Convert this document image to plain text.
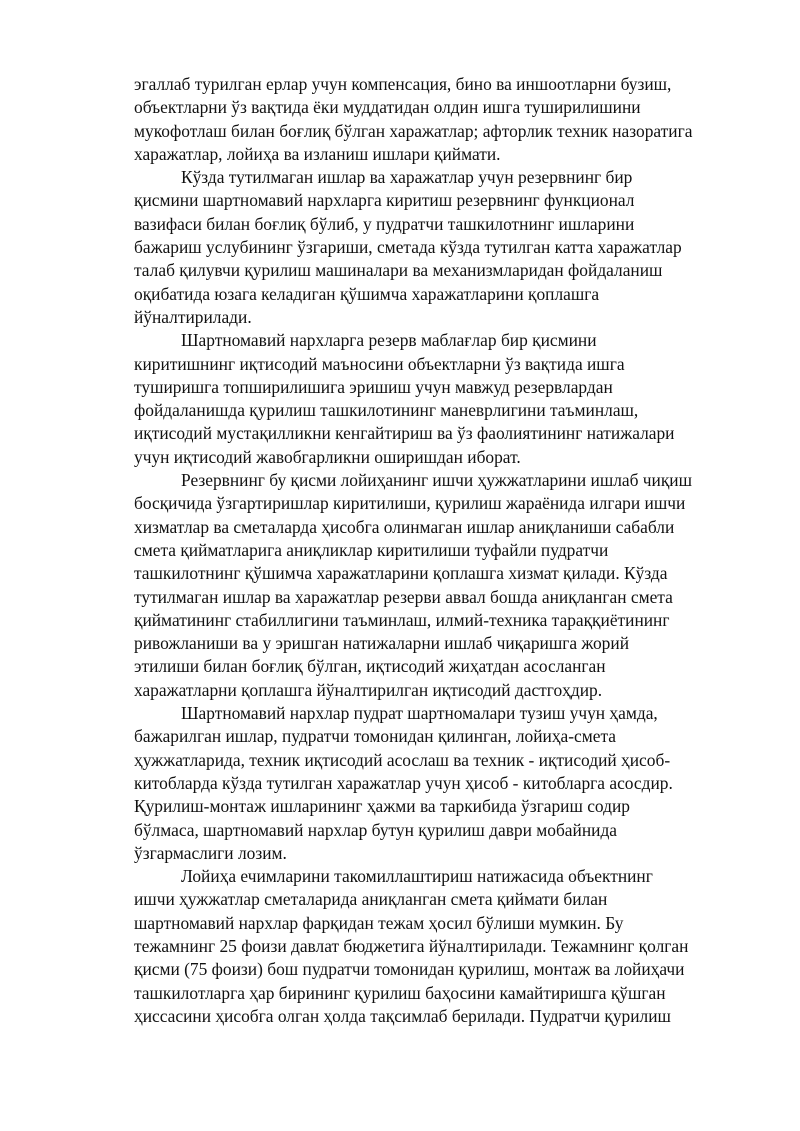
эгаллаб турилган ерлар учун компенсация, бино ва иншоотларни бузиш,
объектларни ўз вақтида ёки муддатидан олдин ишга туширилишини
мукофотлаш билан боғлиқ бўлган харажатлар; афторлик техник назоратига
харажатлар, лойиҳа ва изланиш ишлари қиймати.

Кўзда тутилмаган ишлар ва харажатлар учун резервнинг бир
қисмини шартномавий нархларга киритиш резервнинг функционал
вазифаси билан боғлиқ бўлиб, у пудратчи ташкилотнинг ишларини
бажариш услубининг ўзгариши, сметада кўзда тутилган катта харажатлар
талаб қилувчи қурилиш машиналари ва механизмларидан фойдаланиш
оқибатида юзага келадиган қўшимча харажатларини қоплашга
йўналтирилади.

Шартномавий нархларга резерв маблағлар бир қисмини
киритишнинг иқтисодий маъносини объектларни ўз вақтида ишга
туширишга топширилишига эришиш учун мавжуд резервлардан
фойдаланишда қурилиш ташкилотининг маневрлигини таъминлаш,
иқтисодий мустақилликни кенгайтириш ва ўз фаолиятининг натижалари
учун иқтисодий жавобгарликни оширишдан иборат.

Резервнинг бу қисми лойиҳанинг ишчи ҳужжатларини ишлаб чиқиш
босқичида ўзгартиришлар киритилиши, қурилиш жараёнида илгари ишчи
хизматлар ва сметаларда ҳисобга олинмаган ишлар аниқланиши сабабли
смета қийматларига аниқликлар киритилиши туфайли пудратчи
ташкилотнинг қўшимча харажатларини қоплашга хизмат қилади. Кўзда
тутилмаган ишлар ва харажатлар резерви аввал бошда аниқланган смета
қийматининг стабиллигини таъминлаш, илмий-техника тараққиётининг
ривожланиши ва у эришган натижаларни ишлаб чиқаришга жорий
этилиши билан боғлиқ бўлган, иқтисодий жиҳатдан асосланган
харажатларни қоплашга йўналтирилган иқтисодий дастгоҳдир.

Шартномавий нархлар пудрат шартномалари тузиш учун ҳамда,
бажарилган ишлар, пудратчи томонидан қилинган, лойиҳа-смета
ҳужжатларида, техник иқтисодий асослаш ва техник - иқтисодий ҳисоб-
китобларда кўзда тутилган харажатлар учун ҳисоб - китобларга асосдир.
Қурилиш-монтаж ишларининг ҳажми ва таркибида ўзгариш содир
бўлмаса, шартномавий нархлар бутун қурилиш даври мобайнида
ўзгармаслиги лозим.

Лойиҳа ечимларини такомиллаштириш натижасида объектнинг
ишчи ҳужжатлар сметаларида аниқланган смета қиймати билан
шартномавий нархлар фарқидан тежам ҳосил бўлиши мумкин. Бу
тежамнинг 25 фоизи давлат бюджетига йўналтирилади. Тежамнинг қолган
қисми (75 фоизи) бош пудратчи томонидан қурилиш, монтаж ва лойиҳачи
ташкилотларга ҳар бирининг қурилиш баҳосини камайтиришга қўшган
ҳиссасини ҳисобга олган ҳолда тақсимлаб берилади. Пудратчи қурилиш
